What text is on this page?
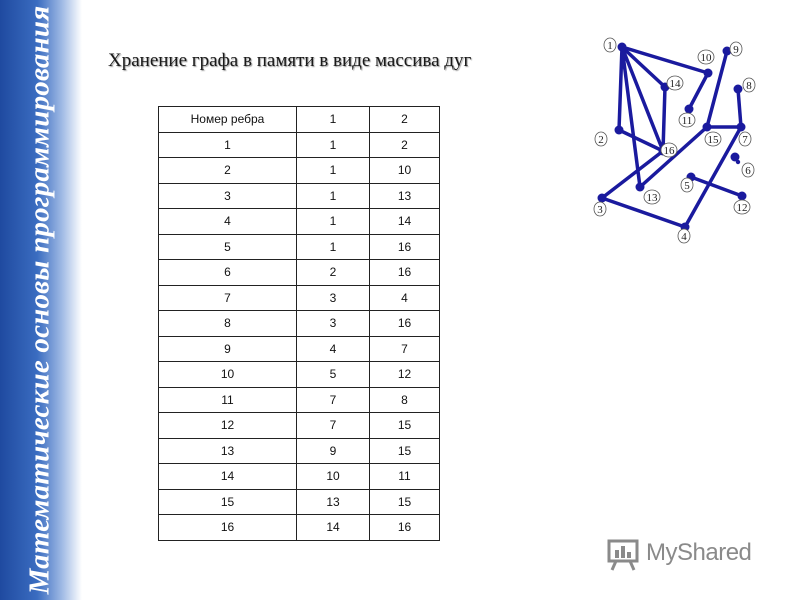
Математические основы программирования	Хранение графа в памяти в виде массива дуг
Номер ребра	1	2
1	1	2
2	1	10
3	1	13
4	1	14
5	1	16
6	2	16
7	3	4
8	3	16
9	4	7
10	5	12
11	7	8
12	7	15
13	9	15
14	10	11
15	13	15
16	14	16
1
2
3
4
5
6
7
8
9
10
11
12
13
14
15
16
MyShared
